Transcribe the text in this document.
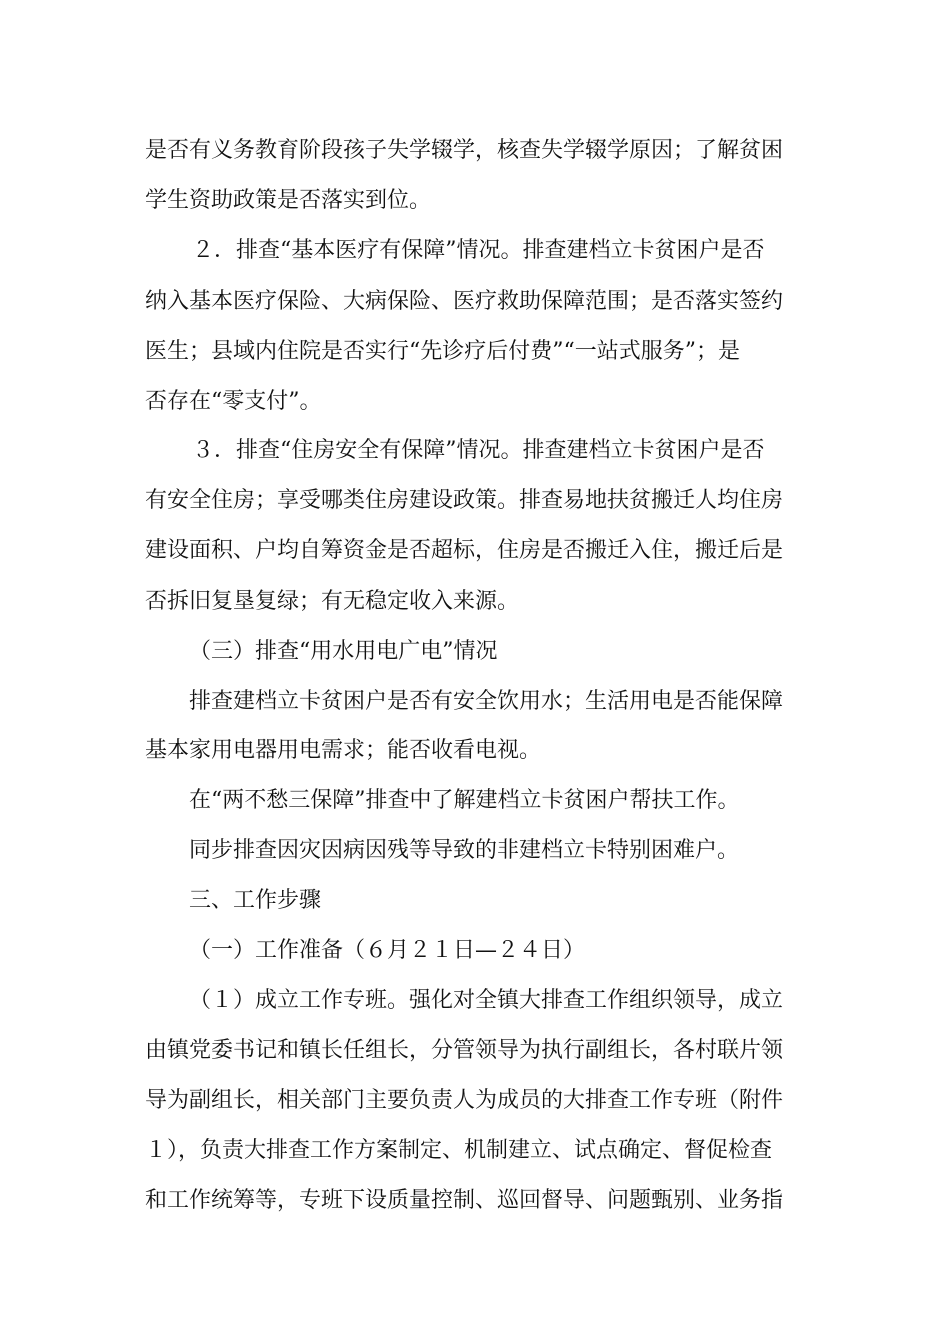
是否有义务教育阶段孩子失学辍学，核查失学辍学原因；了解贫困
学生资助政策是否落实到位。
２．排查“基本医疗有保障”情况。排查建档立卡贫困户是否
纳入基本医疗保险、大病保险、医疗救助保障范围；是否落实签约
医生；县域内住院是否实行“先诊疗后付费”“一站式服务”；是
否存在“零支付”。
３．排查“住房安全有保障”情况。排查建档立卡贫困户是否
有安全住房；享受哪类住房建设政策。排查易地扶贫搬迁人均住房
建设面积、户均自筹资金是否超标，住房是否搬迁入住，搬迁后是
否拆旧复垦复绿；有无稳定收入来源。
（三）排查“用水用电广电”情况
排查建档立卡贫困户是否有安全饮用水；生活用电是否能保障
基本家用电器用电需求；能否收看电视。
在“两不愁三保障”排查中了解建档立卡贫困户帮扶工作。
同步排查因灾因病因残等导致的非建档立卡特别困难户。
三、工作步骤
（一）工作准备（６月２１日—２４日）
（１）成立工作专班。强化对全镇大排查工作组织领导，成立
由镇党委书记和镇长任组长，分管领导为执行副组长，各村联片领
导为副组长，相关部门主要负责人为成员的大排查工作专班（附件
１），负责大排查工作方案制定、机制建立、试点确定、督促检查
和工作统筹等，专班下设质量控制、巡回督导、问题甄别、业务指
